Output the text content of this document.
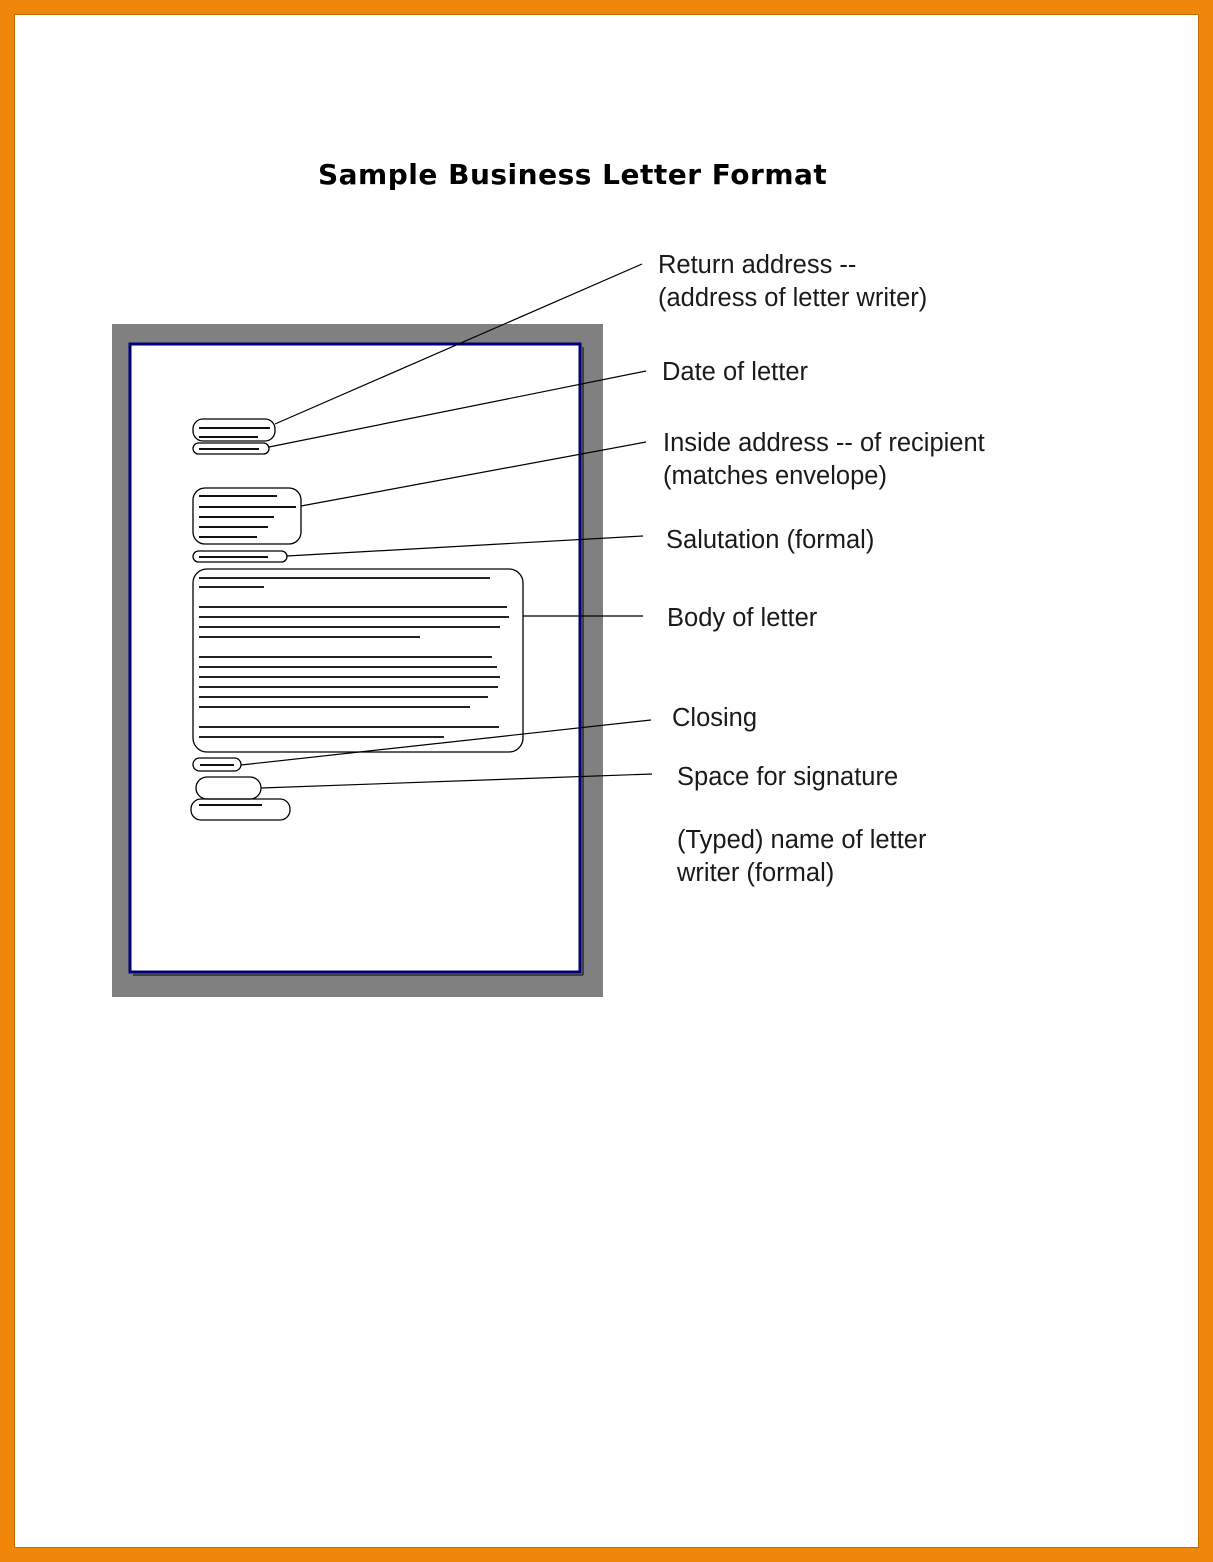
Sample Business Letter Format
Return address -- (address of letter writer)
Date of letter
Inside address -- of recipient (matches envelope)
Salutation (formal)
Body of letter
Closing
Space for signature
(Typed) name of letter writer (formal)
